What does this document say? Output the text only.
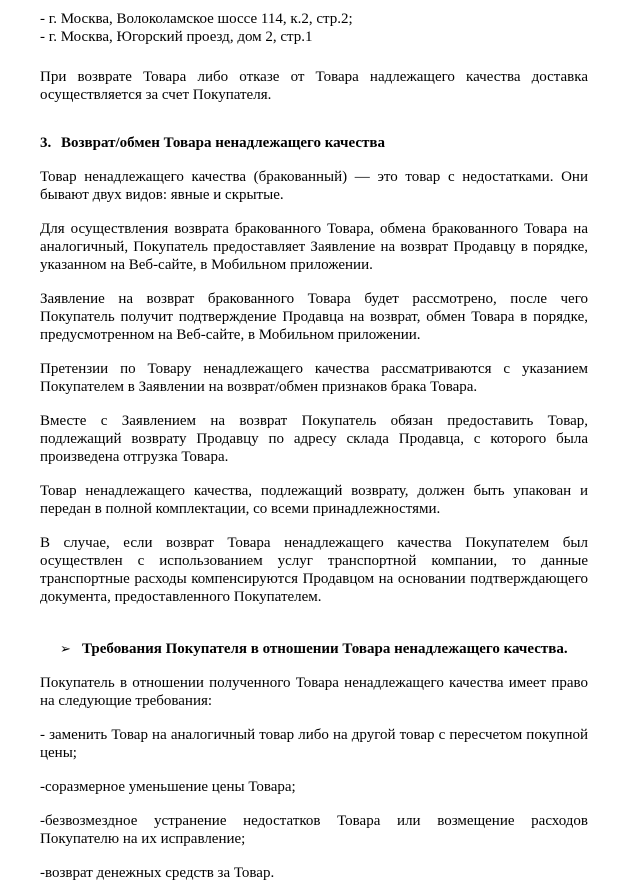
- г. Москва, Волоколамское шоссе 114, к.2, стр.2;

- г. Москва, Югорский проезд, дом 2, стр.1

При возврате Товара либо отказе от Товара надлежащего качества доставка осуществляется за счет Покупателя.

3. Возврат/обмен Товара ненадлежащего качества

Товар ненадлежащего качества (бракованный) — это товар с недостатками. Они бывают двух видов: явные и скрытые.

Для осуществления возврата бракованного Товара, обмена бракованного Товара на аналогичный, Покупатель предоставляет Заявление на возврат Продавцу в порядке, указанном на Веб-сайте, в Мобильном приложении.

Заявление на возврат бракованного Товара будет рассмотрено, после чего Покупатель получит подтверждение Продавца на возврат, обмен Товара в порядке, предусмотренном на Веб-сайте, в Мобильном приложении.

Претензии по Товару ненадлежащего качества рассматриваются с указанием Покупателем в Заявлении на возврат/обмен признаков брака Товара.

Вместе с Заявлением на возврат Покупатель обязан предоставить Товар, подлежащий возврату Продавцу по адресу склада Продавца, с которого была произведена отгрузка Товара.

Товар ненадлежащего качества, подлежащий возврату, должен быть упакован и передан в полной комплектации, со всеми принадлежностями.

В случае, если возврат Товара ненадлежащего качества Покупателем был осуществлен с использованием услуг транспортной компании, то данные транспортные расходы компенсируются Продавцом на основании подтверждающего документа, предоставленного Покупателем.

➢ Требования Покупателя в отношении Товара ненадлежащего качества.

Покупатель в отношении полученного Товара ненадлежащего качества имеет право на следующие требования:

- заменить Товар на аналогичный товар либо на другой товар с пересчетом покупной цены;

-соразмерное уменьшение цены Товара;

-безвозмездное устранение недостатков Товара или возмещение расходов Покупателю на их исправление;

-возврат денежных средств за Товар.
